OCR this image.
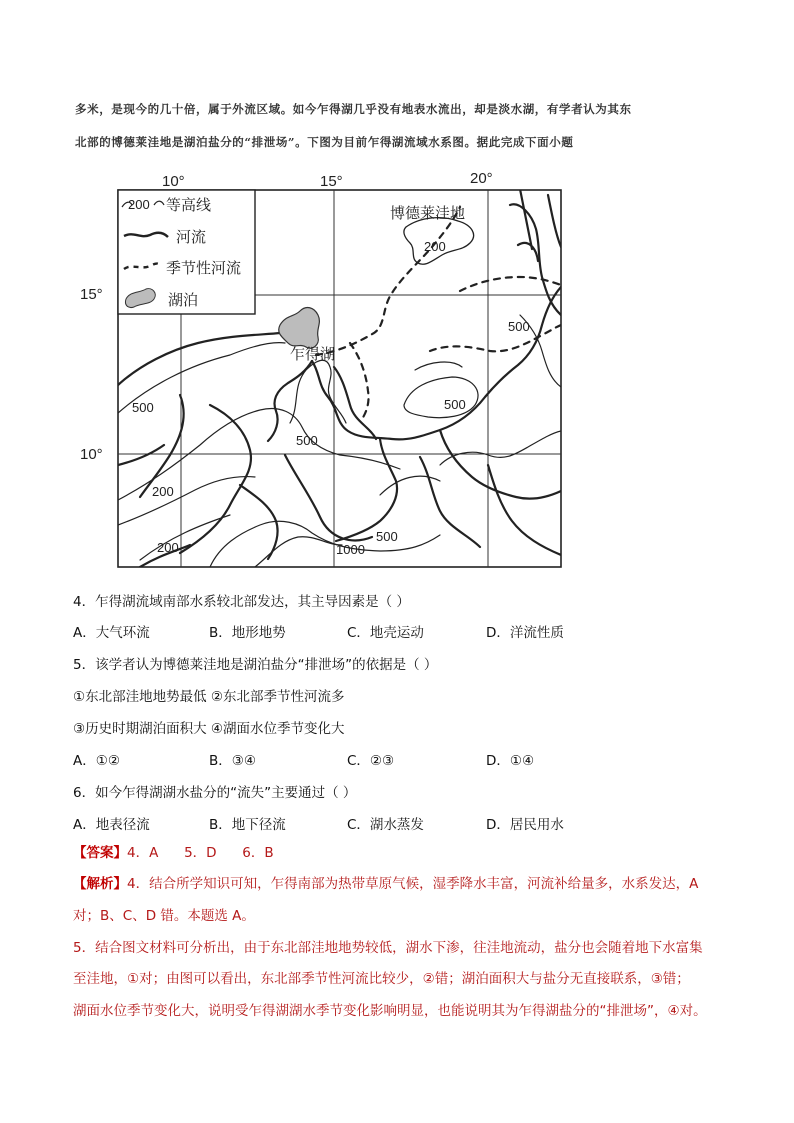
多米，是现今的几十倍，属于外流区域。如今乍得湖几乎没有地表水流出，却是淡水湖，有学者认为其东
北部的博德莱洼地是湖泊盐分的“排泄场”。下图为目前乍得湖流域水系图。据此完成下面小题
10°	15°	20°
15°
10°
200 等高线
河流
季节性河流
湖泊
博德莱洼地
乍得湖
200
500
500	500
500
200
200	1000
500
4．乍得湖流域南部水系较北部发达，其主导因素是（ ）
A．大气环流	B．地形地势	C．地壳运动	D．洋流性质
5．该学者认为博德莱洼地是湖泊盐分“排泄场”的依据是（ ）
①东北部洼地地势最低 ②东北部季节性河流多
③历史时期湖泊面积大 ④湖面水位季节变化大
A．①②	B．③④	C．②③	D．①④
6．如今乍得湖湖水盐分的“流失”主要通过（ ）
A．地表径流	B．地下径流	C．湖水蒸发	D．居民用水
【答案】4．A      5．D      6．B
【解析】4．结合所学知识可知，乍得南部为热带草原气候，湿季降水丰富，河流补给量多，水系发达，A
对；B、C、D 错。本题选 A。
5．结合图文材料可分析出，由于东北部洼地地势较低，湖水下渗，往洼地流动，盐分也会随着地下水富集
至洼地，①对；由图可以看出，东北部季节性河流比较少，②错；湖泊面积大与盐分无直接联系，③错；
湖面水位季节变化大，说明受乍得湖湖水季节变化影响明显，也能说明其为乍得湖盐分的“排泄场”，④对。
